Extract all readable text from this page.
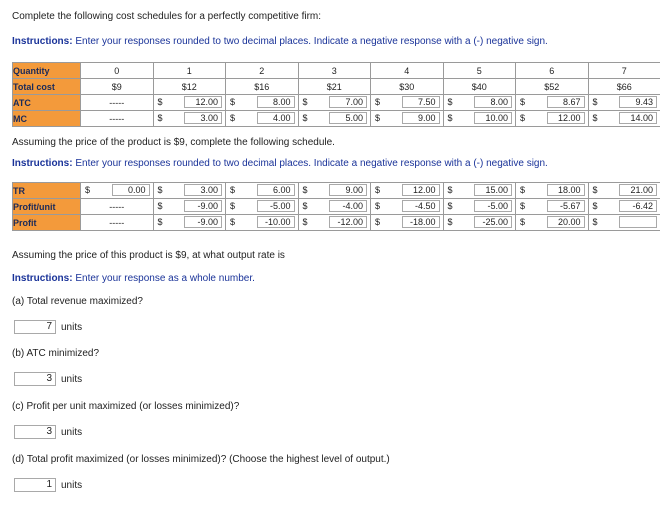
Complete the following cost schedules for a perfectly competitive firm:
Instructions: Enter your responses rounded to two decimal places. Indicate a negative response with a (-) negative sign.
Quantity	0	1	2	3	4	5	6	7
Total cost	$9	$12	$16	$21	$30	$40	$52	$66
ATC	-----	$ 12.00	$ 8.00	$ 7.00	$ 7.50	$ 8.00	$ 8.67	$ 9.43

MC	-----	$ 3.00	$ 4.00	$ 5.00	$ 9.00	$ 10.00	$ 12.00	$ 14.00
Assuming the price of the product is $9, complete the following schedule.
Instructions: Enter your responses rounded to two decimal places. Indicate a negative response with a (-) negative sign.
TR	$ 0.00	$ 3.00	$ 6.00	$ 9.00	$ 12.00	$ 15.00	$ 18.00	$ 21.00

Profit/unit	-----	$ -9.00	$ -5.00	$ -4.00	$ -4.50	$ -5.00	$ -5.67	$ -6.42

Profit	-----	$ -9.00	$ -10.00	$ -12.00	$ -18.00	$ -25.00	$ 20.00	$
Assuming the price of this product is $9, at what output rate is
Instructions: Enter your response as a whole number.
(a) Total revenue maximized?
7 units
(b) ATC minimized?
3 units
(c) Profit per unit maximized (or losses minimized)?
3 units
(d) Total profit maximized (or losses minimized)? (Choose the highest level of output.)
1 units
